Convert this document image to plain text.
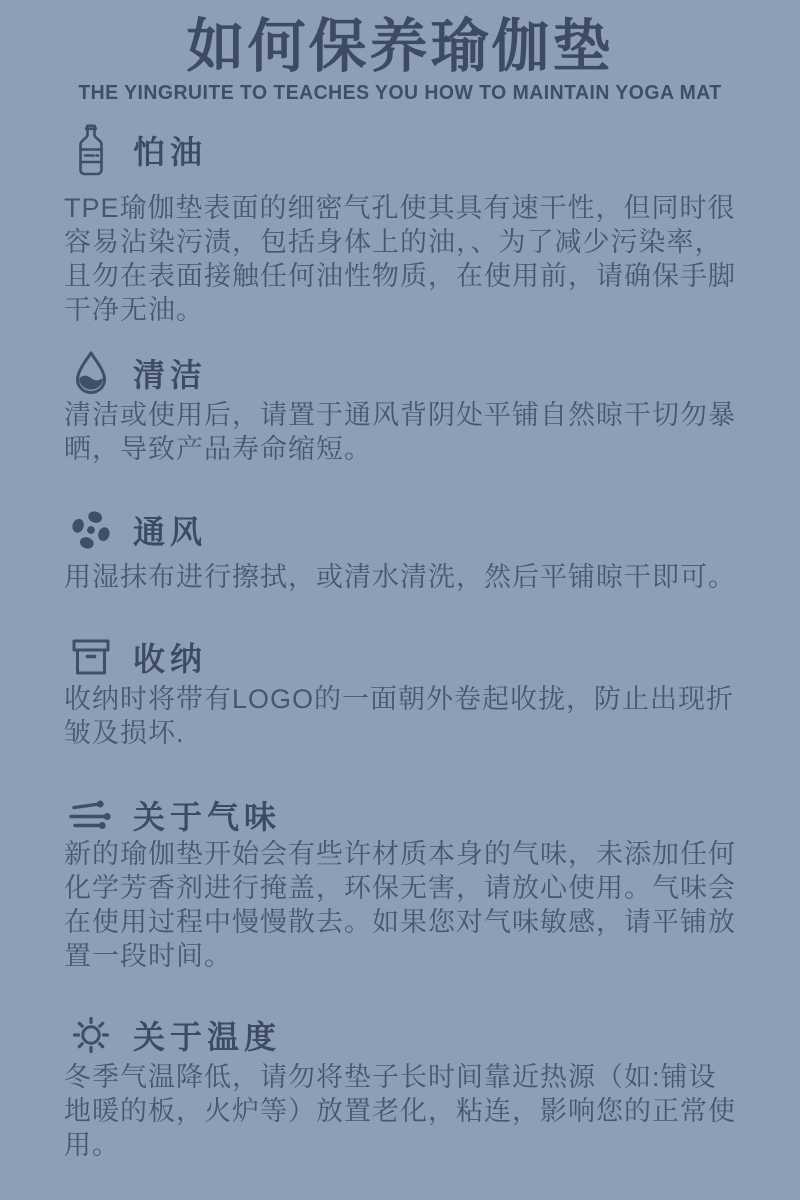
如何保养瑜伽垫
THE YINGRUITE TO TEACHES YOU HOW TO MAINTAIN YOGA MAT
怕油

TPE瑜伽垫表面的细密气孔使其具有速干性，但同时很容易沾染污渍，包括身体上的油，、为了减少污染率，且勿在表面接触任何油性物质，在使用前，请确保手脚干净无油。

清洁

清洁或使用后，请置于通风背阴处平铺自然晾干切勿暴晒，导致产品寿命缩短。

通风

用湿抹布进行擦拭，或清水清洗，然后平铺晾干即可。

收纳

收纳时将带有LOGO的一面朝外卷起收拢，防止出现折皱及损坏.

关于气味

新的瑜伽垫开始会有些许材质本身的气味，未添加任何化学芳香剂进行掩盖，环保无害，请放心使用。气味会在使用过程中慢慢散去。如果您对气味敏感，请平铺放置一段时间。

关于温度

冬季气温降低，请勿将垫子长时间靠近热源（如:铺设地暖的板，火炉等）放置老化，粘连，影响您的正常使用。
